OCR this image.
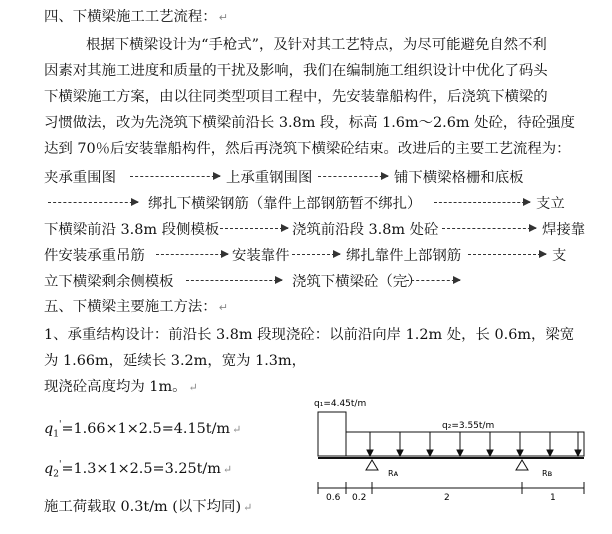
四、下横梁施工工艺流程： ↵
根据下横梁设计为“手枪式”，及针对其工艺特点，为尽可能避免自然不利
因素对其施工进度和质量的干扰及影响，我们在编制施工组织设计中优化了码头
下横梁施工方案，由以往同类型项目工程中，先安装靠船构件，后浇筑下横梁的
习惯做法，改为先浇筑下横梁前沿长 3.8m 段，标高 1.6m～2.6m 处砼，待砼强度
达到 70％后安装靠船构件，然后再浇筑下横梁砼结束。改进后的主要工艺流程为：
夹承重围图	上承重钢围图	铺下横梁格栅和底板
绑扎下横梁钢筋（靠件上部钢筋暂不绑扎）	支立
下横梁前沿 3.8m 段侧模板	浇筑前沿段 3.8m 处砼	焊接靠
件安装承重吊筋	安装靠件	绑扎靠件上部钢筋	支
立下横梁剩余侧模板	浇筑下横梁砼（完）
五、下横梁主要施工方法： ↵
1、承重结构设计：前沿长 3.8m 段现浇砼：以前沿向岸 1.2m 处，长 0.6m，梁宽
为 1.66m，延续长 3.2m，宽为 1.3m，
现浇砼高度均为 1m。 ↵
$q_1'=1.66\times 1\times 2.5=4.15t/m$ ↵
$q_2'=1.3\times 1\times 2.5=3.25t/m$ ↵
施工荷载取 0.3t/m (以下均同) ↵
q₁=4.45t/m
q₂=3.55t/m
Rᴀ	Rʙ
0.6 0.2	2	1
